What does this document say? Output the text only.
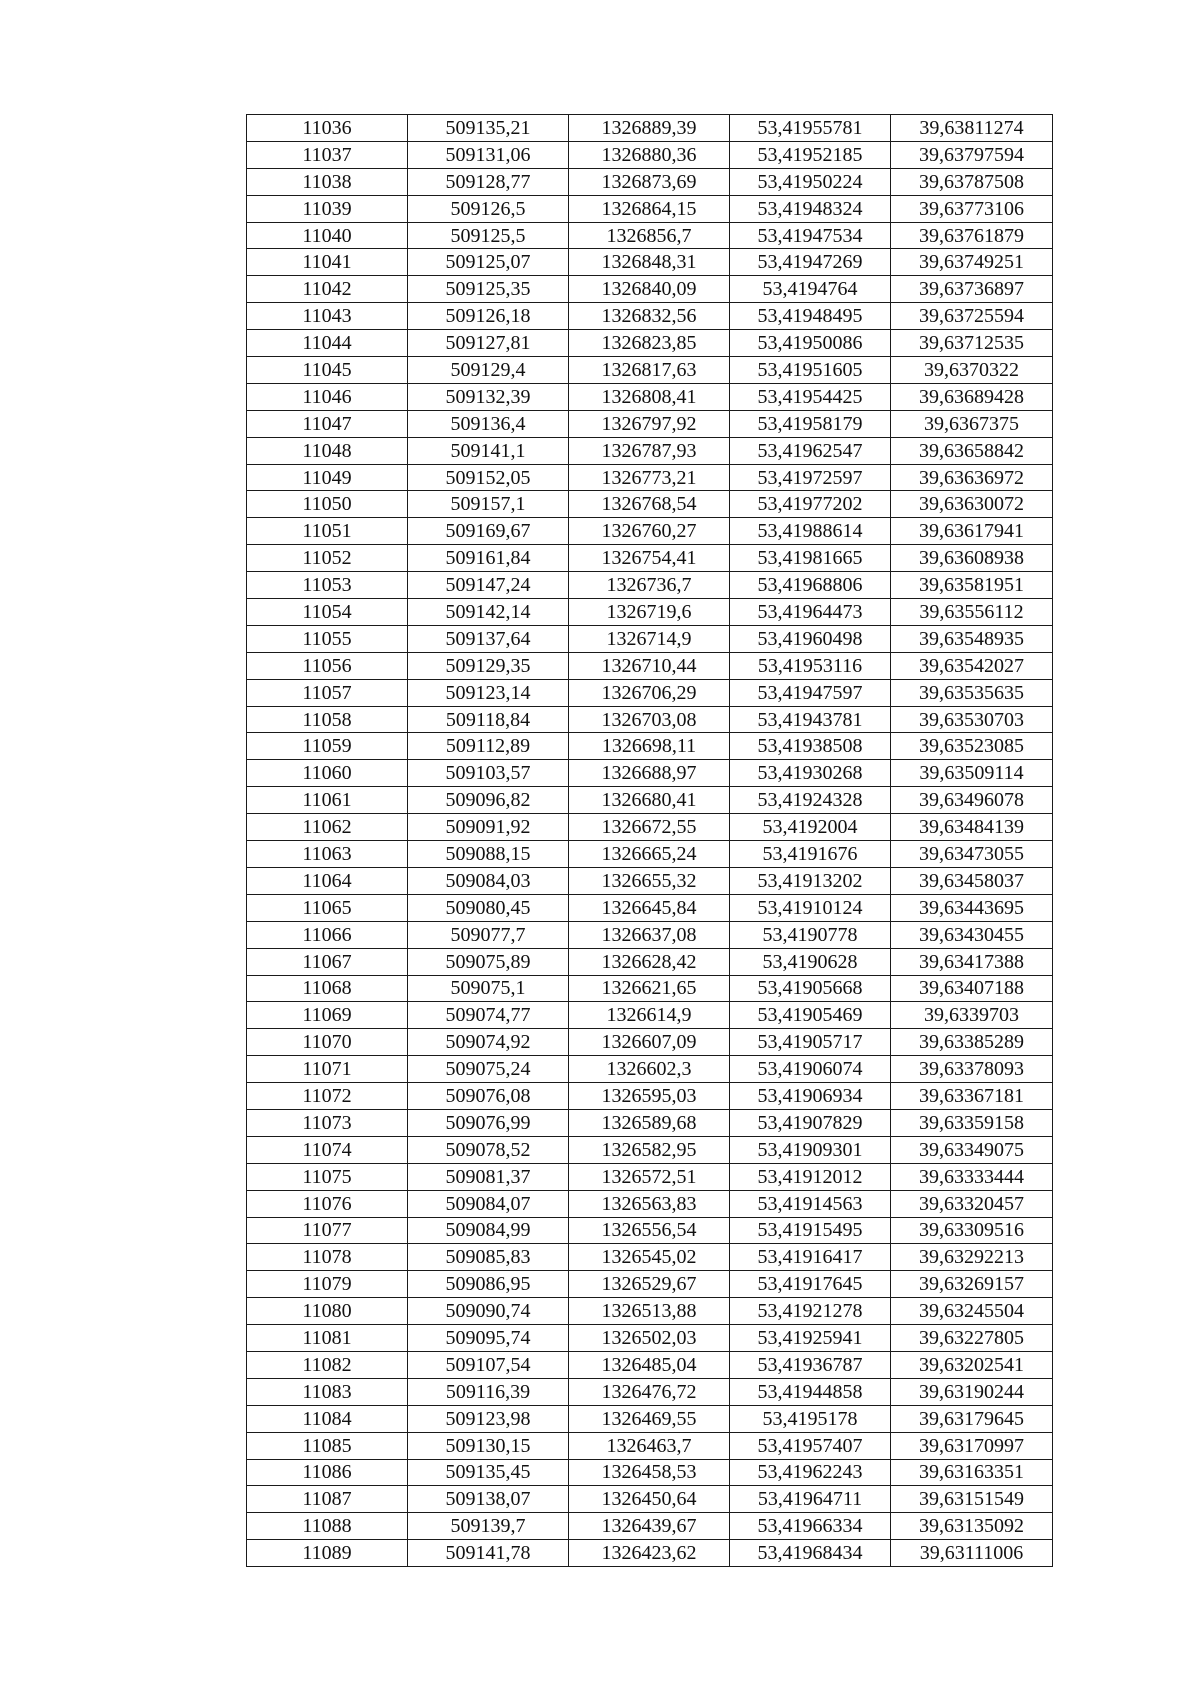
11036	509135,21	1326889,39	53,41955781	39,63811274
11037	509131,06	1326880,36	53,41952185	39,63797594
11038	509128,77	1326873,69	53,41950224	39,63787508
11039	509126,5	1326864,15	53,41948324	39,63773106
11040	509125,5	1326856,7	53,41947534	39,63761879
11041	509125,07	1326848,31	53,41947269	39,63749251
11042	509125,35	1326840,09	53,4194764	39,63736897
11043	509126,18	1326832,56	53,41948495	39,63725594
11044	509127,81	1326823,85	53,41950086	39,63712535
11045	509129,4	1326817,63	53,41951605	39,6370322
11046	509132,39	1326808,41	53,41954425	39,63689428
11047	509136,4	1326797,92	53,41958179	39,6367375
11048	509141,1	1326787,93	53,41962547	39,63658842
11049	509152,05	1326773,21	53,41972597	39,63636972
11050	509157,1	1326768,54	53,41977202	39,63630072
11051	509169,67	1326760,27	53,41988614	39,63617941
11052	509161,84	1326754,41	53,41981665	39,63608938
11053	509147,24	1326736,7	53,41968806	39,63581951
11054	509142,14	1326719,6	53,41964473	39,63556112
11055	509137,64	1326714,9	53,41960498	39,63548935
11056	509129,35	1326710,44	53,41953116	39,63542027
11057	509123,14	1326706,29	53,41947597	39,63535635
11058	509118,84	1326703,08	53,41943781	39,63530703
11059	509112,89	1326698,11	53,41938508	39,63523085
11060	509103,57	1326688,97	53,41930268	39,63509114
11061	509096,82	1326680,41	53,41924328	39,63496078
11062	509091,92	1326672,55	53,4192004	39,63484139
11063	509088,15	1326665,24	53,4191676	39,63473055
11064	509084,03	1326655,32	53,41913202	39,63458037
11065	509080,45	1326645,84	53,41910124	39,63443695
11066	509077,7	1326637,08	53,4190778	39,63430455
11067	509075,89	1326628,42	53,4190628	39,63417388
11068	509075,1	1326621,65	53,41905668	39,63407188
11069	509074,77	1326614,9	53,41905469	39,6339703
11070	509074,92	1326607,09	53,41905717	39,63385289
11071	509075,24	1326602,3	53,41906074	39,63378093
11072	509076,08	1326595,03	53,41906934	39,63367181
11073	509076,99	1326589,68	53,41907829	39,63359158
11074	509078,52	1326582,95	53,41909301	39,63349075
11075	509081,37	1326572,51	53,41912012	39,63333444
11076	509084,07	1326563,83	53,41914563	39,63320457
11077	509084,99	1326556,54	53,41915495	39,63309516
11078	509085,83	1326545,02	53,41916417	39,63292213
11079	509086,95	1326529,67	53,41917645	39,63269157
11080	509090,74	1326513,88	53,41921278	39,63245504
11081	509095,74	1326502,03	53,41925941	39,63227805
11082	509107,54	1326485,04	53,41936787	39,63202541
11083	509116,39	1326476,72	53,41944858	39,63190244
11084	509123,98	1326469,55	53,4195178	39,63179645
11085	509130,15	1326463,7	53,41957407	39,63170997
11086	509135,45	1326458,53	53,41962243	39,63163351
11087	509138,07	1326450,64	53,41964711	39,63151549
11088	509139,7	1326439,67	53,41966334	39,63135092
11089	509141,78	1326423,62	53,41968434	39,63111006
